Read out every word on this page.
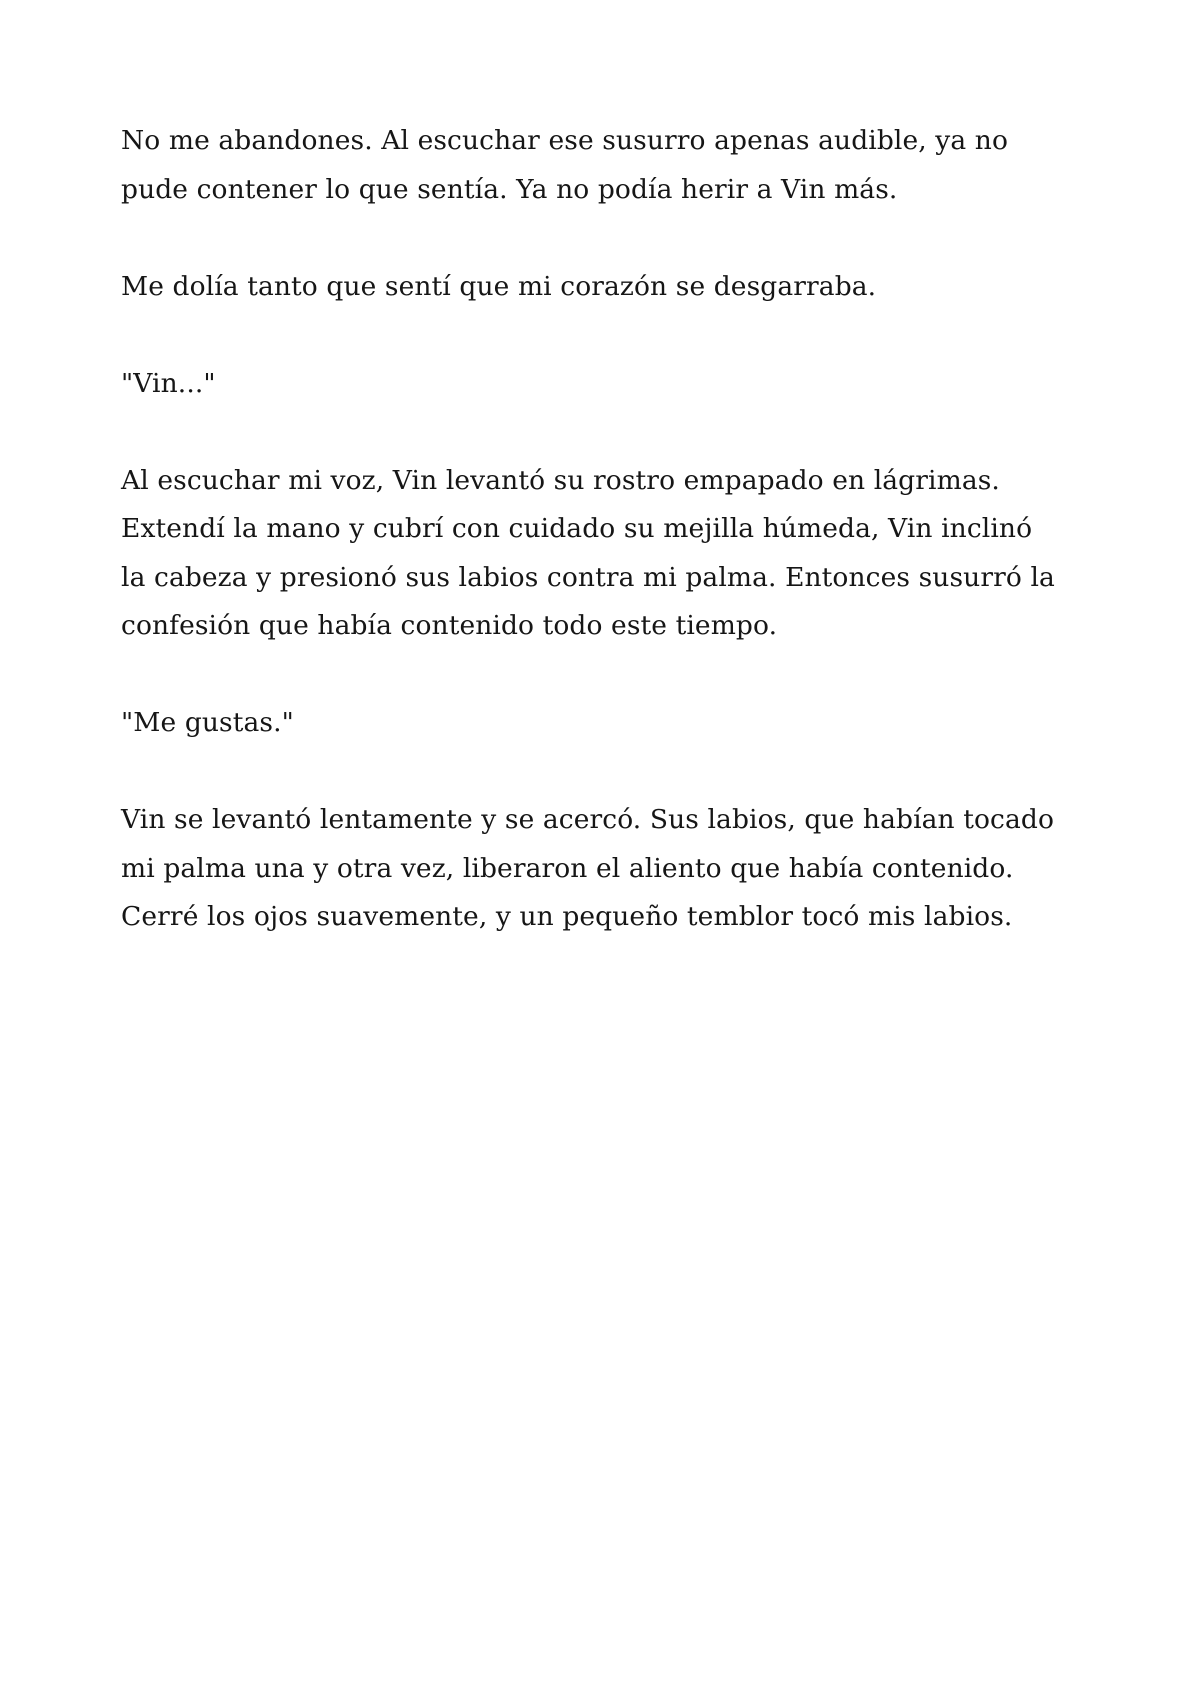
No me abandones. Al escuchar ese susurro apenas audible, ya no
pude contener lo que sentía. Ya no podía herir a Vin más.

Me dolía tanto que sentí que mi corazón se desgarraba.

"Vin..."

Al escuchar mi voz, Vin levantó su rostro empapado en lágrimas.
Extendí la mano y cubrí con cuidado su mejilla húmeda, Vin inclinó
la cabeza y presionó sus labios contra mi palma. Entonces susurró la
confesión que había contenido todo este tiempo.

"Me gustas."

Vin se levantó lentamente y se acercó. Sus labios, que habían tocado
mi palma una y otra vez, liberaron el aliento que había contenido.
Cerré los ojos suavemente, y un pequeño temblor tocó mis labios.
